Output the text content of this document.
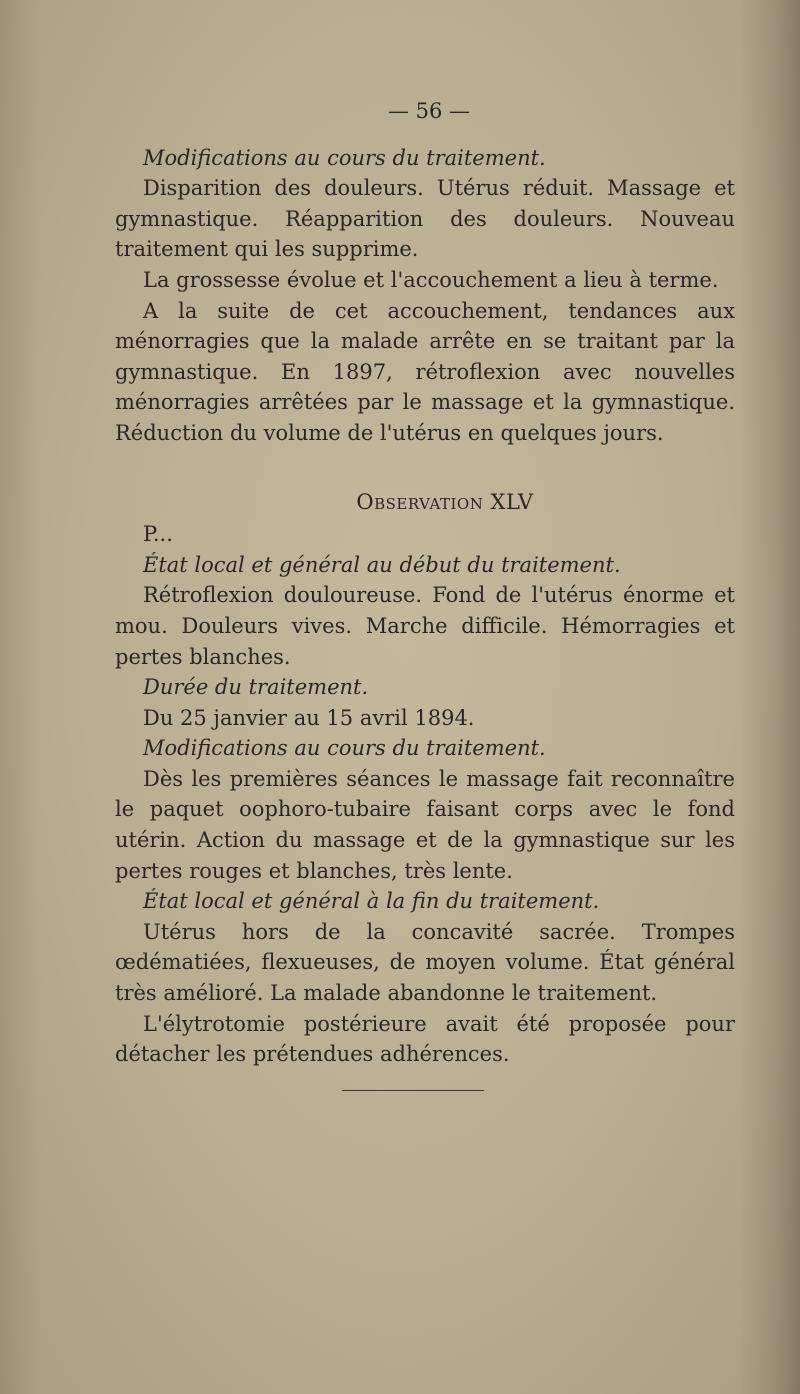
— 56 —

Modifications au cours du traitement.

Disparition des douleurs. Utérus réduit. Massage et gymnastique. Réapparition des douleurs. Nouveau traitement qui les supprime.

La grossesse évolue et l'accouchement a lieu à terme.

A la suite de cet accouchement, tendances aux ménorragies que la malade arrête en se traitant par la gymnastique. En 1897, rétroflexion avec nouvelles ménorragies arrêtées par le massage et la gymnastique. Réduction du volume de l'utérus en quelques jours.

Observation XLV

P...

État local et général au début du traitement.

Rétroflexion douloureuse. Fond de l'utérus énorme et mou. Douleurs vives. Marche difficile. Hémorragies et pertes blanches.

Durée du traitement.

Du 25 janvier au 15 avril 1894.

Modifications au cours du traitement.

Dès les premières séances le massage fait reconnaître le paquet oophoro-tubaire faisant corps avec le fond utérin. Action du massage et de la gymnastique sur les pertes rouges et blanches, très lente.

État local et général à la fin du traitement.

Utérus hors de la concavité sacrée. Trompes œdématiées, flexueuses, de moyen volume. État général très amélioré. La malade abandonne le traitement.

L'élytrotomie postérieure avait été proposée pour détacher les prétendues adhérences.
